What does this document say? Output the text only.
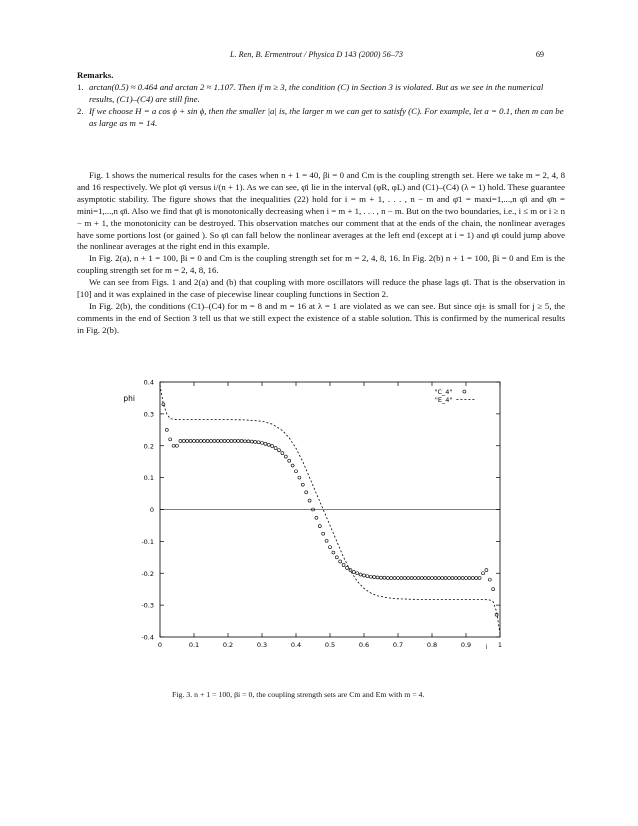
L. Ren, B. Ermentrout / Physica D 143 (2000) 56–73	69
Remarks.
1. arctan(0.5) ≈ 0.464 and arctan 2 ≈ 1.107. Then if m ≥ 3, the condition (C) in Section 3 is violated. But as we see in the numerical results, (C1)–(C4) are still fine.
2. If we choose H = a cos ϕ + sin ϕ, then the smaller |a| is, the larger m we can get to satisfy (C). For example, let a = 0.1, then m can be as large as m = 14.

Fig. 1 shows the numerical results for the cases when n + 1 = 40, βi = 0 and Cm is the coupling strength set. Here we take m = 2, 4, 8 and 16 respectively. We plot φ̄i versus i/(n + 1). As we can see, φ̄i lie in the interval (φR, φL) and (C1)–(C4) (λ = 1) hold. These guarantee asymptotic stability. The figure shows that the inequalities (22) hold for i = m + 1, . . . , n − m and φ̄1 = maxi=1,...,n φ̄i and φ̄n = mini=1,...,n φ̄i. Also we find that φ̄i is monotonically decreasing when i = m + 1, . . . , n − m. But on the two boundaries, i.e., i ≤ m or i ≥ n − m + 1, the monotonicity can be destroyed. This observation matches our comment that at the ends of the chain, the nonlinear averages have some portions lost (or gained ). So φ̄i can fall below the nonlinear averages at the left end (except at i = 1) and φ̄i could jump above the nonlinear averages at the right end in this example.

In Fig. 2(a), n + 1 = 100, βi = 0 and Cm is the coupling strength set for m = 2, 4, 8, 16. In Fig. 2(b) n + 1 = 100, βi = 0 and Em is the coupling strength set for m = 2, 4, 8, 16.

We can see from Figs. 1 and 2(a) and (b) that coupling with more oscillators will reduce the phase lags φ̄i. That is the observation in [10] and it was explained in the case of piecewise linear coupling functions in Section 2.

In Fig. 2(b), the conditions (C1)–(C4) for m = 8 and m = 16 at λ = 1 are violated as we can see. But since αj± is small for j ≥ 5, the comments in the end of Section 3 tell us that we still expect the existence of a stable solution. This is confirmed by the numerical results in Fig. 2(b).

0.4
0.3
0.2
0.1
0
-0.1
-0.2
-0.3
-0.4
0	0.1	0.2	0.3	0.4	0.5	0.6	0.7	0.8	0.9	1
phi
i
"C_4"
"E_4"
Fig. 3. n + 1 = 100, βi = 0, the coupling strength sets are Cm and Em with m = 4.
